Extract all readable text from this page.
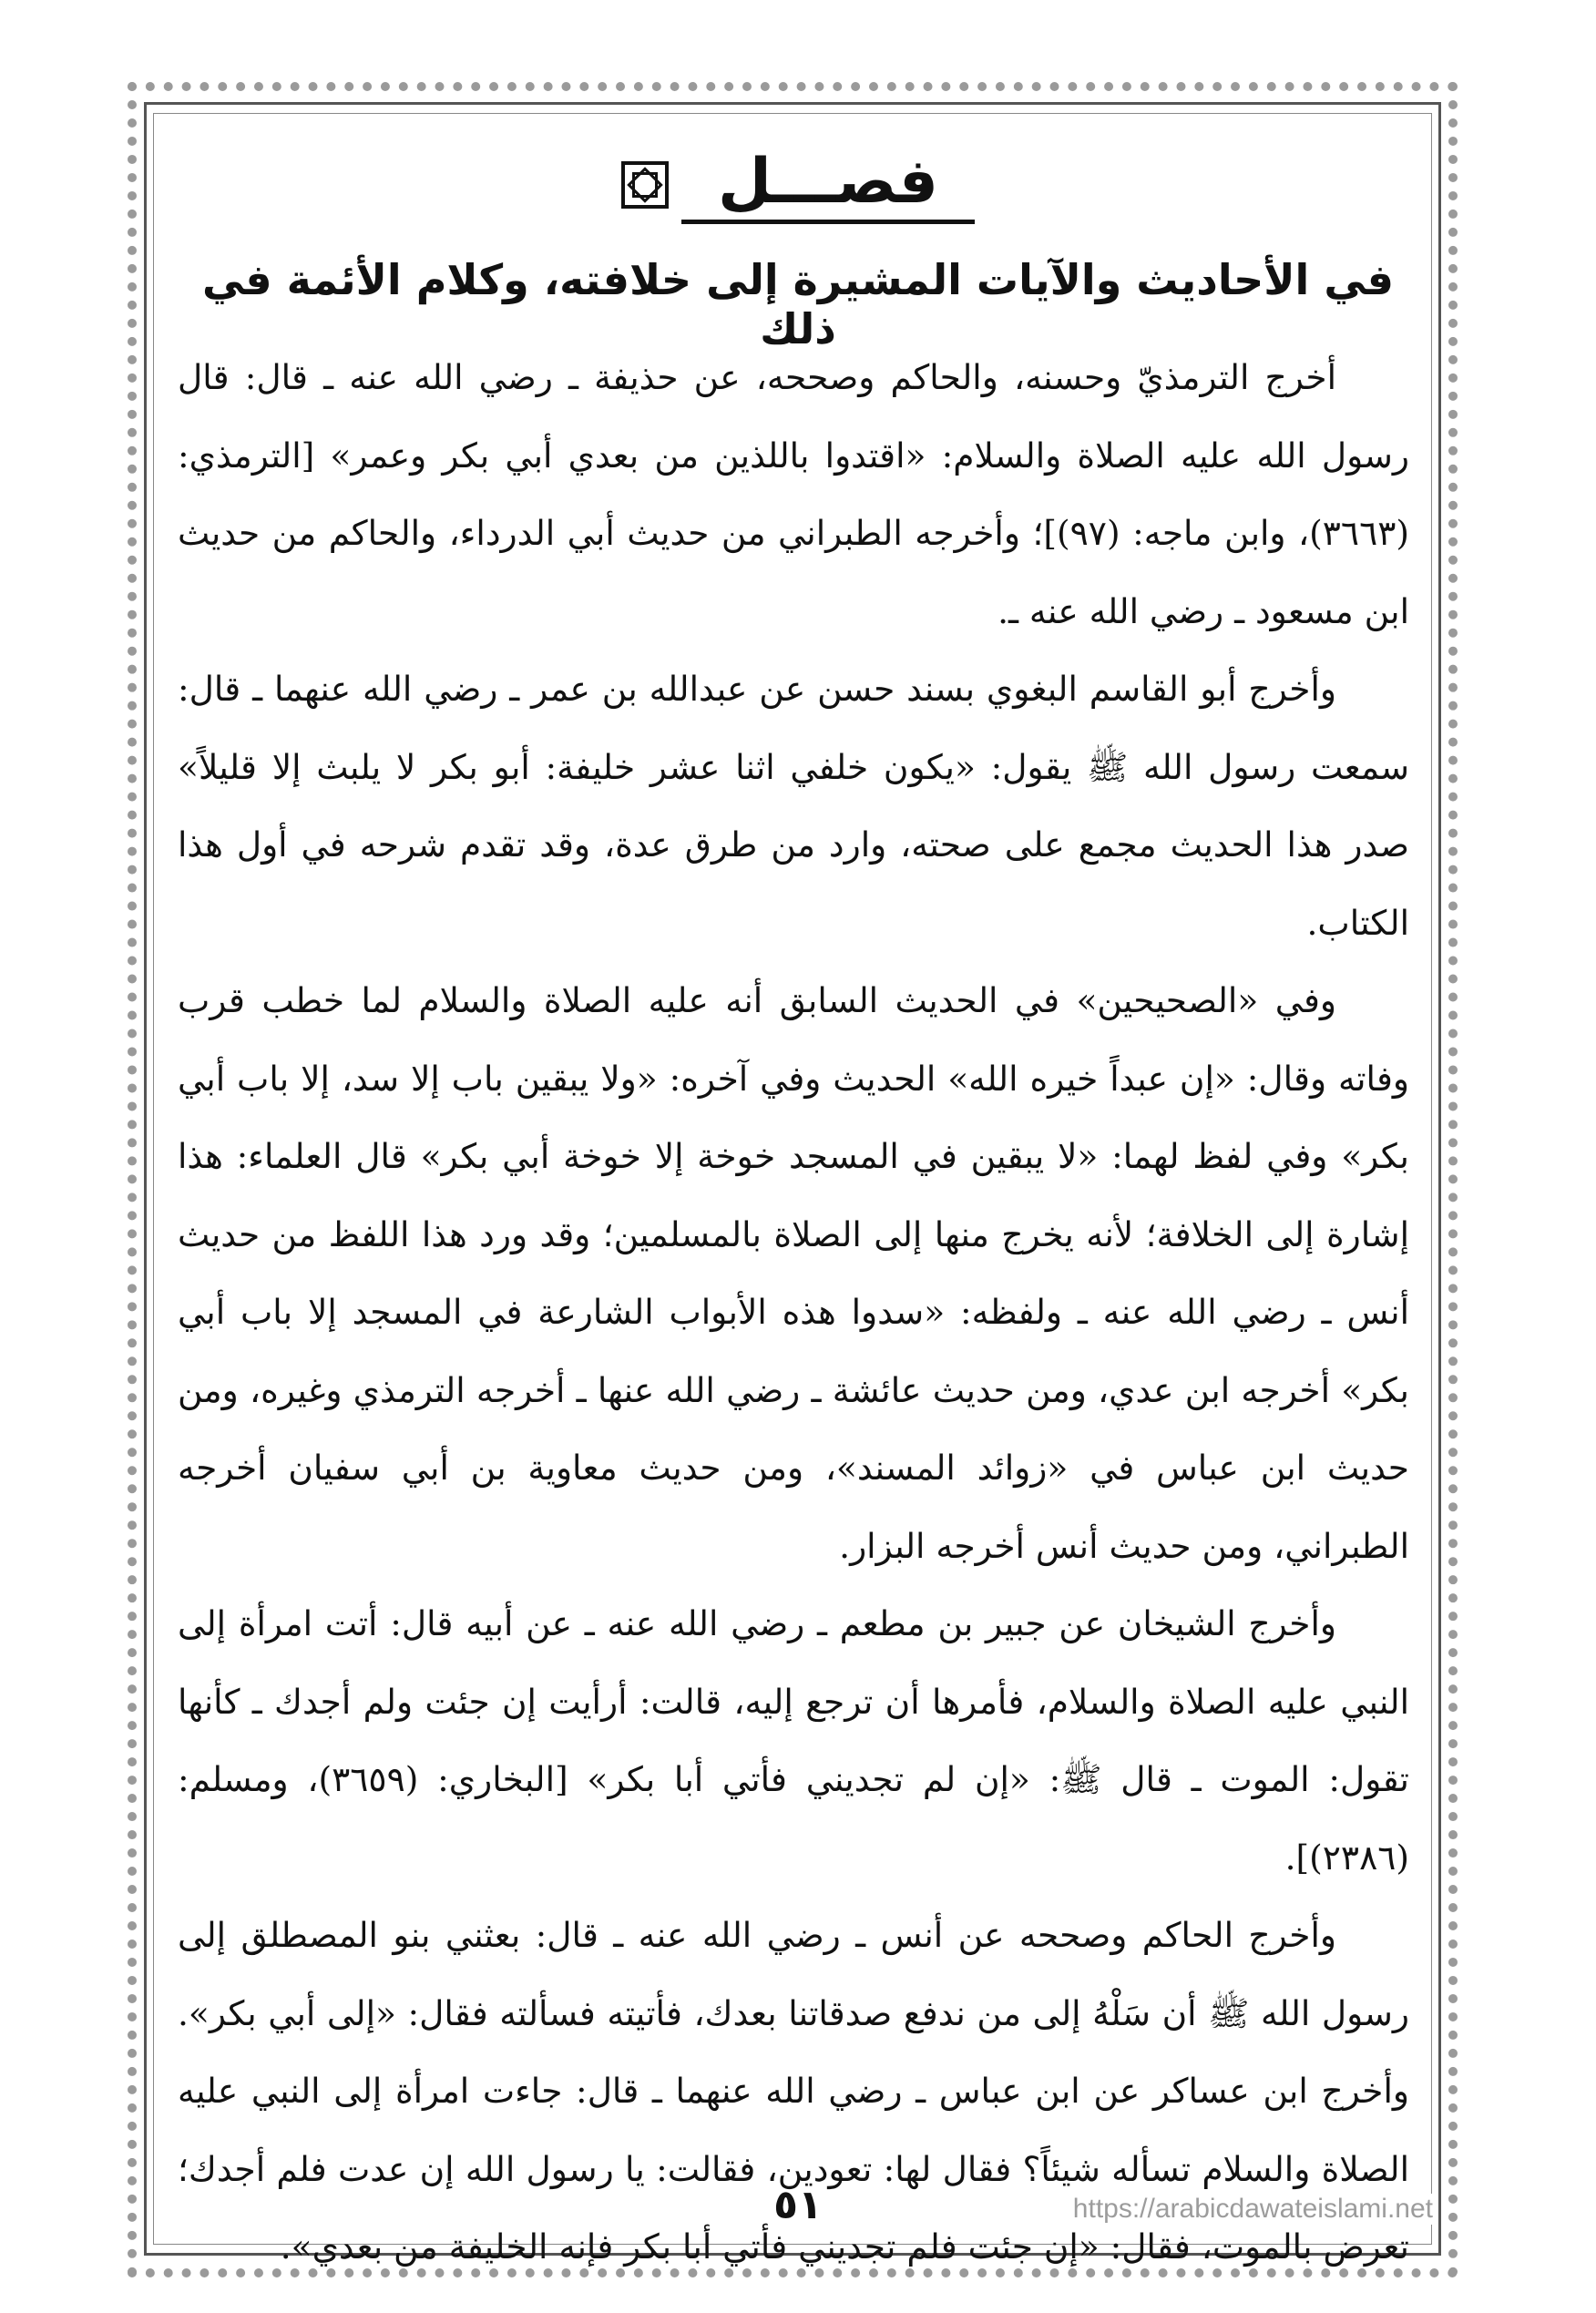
فصـــل
في الأحاديث والآيات المشيرة إلى خلافته، وكلام الأئمة في ذلك

أخرج الترمذيّ وحسنه، والحاكم وصححه، عن حذيفة ـ رضي الله عنه ـ قال: قال رسول الله عليه الصلاة والسلام: «اقتدوا باللذين من بعدي أبي بكر وعمر» [الترمذي: (٣٦٦٣)، وابن ماجه: (٩٧)]؛ وأخرجه الطبراني من حديث أبي الدرداء، والحاكم من حديث ابن مسعود ـ رضي الله عنه ـ.

وأخرج أبو القاسم البغوي بسند حسن عن عبدالله بن عمر ـ رضي الله عنهما ـ قال: سمعت رسول الله ﷺ يقول: «يكون خلفي اثنا عشر خليفة: أبو بكر لا يلبث إلا قليلاً» صدر هذا الحديث مجمع على صحته، وارد من طرق عدة، وقد تقدم شرحه في أول هذا الكتاب.

وفي «الصحيحين» في الحديث السابق أنه عليه الصلاة والسلام لما خطب قرب وفاته وقال: «إن عبداً خيره الله» الحديث وفي آخره: «ولا يبقين باب إلا سد، إلا باب أبي بكر» وفي لفظ لهما: «لا يبقين في المسجد خوخة إلا خوخة أبي بكر» قال العلماء: هذا إشارة إلى الخلافة؛ لأنه يخرج منها إلى الصلاة بالمسلمين؛ وقد ورد هذا اللفظ من حديث أنس ـ رضي الله عنه ـ ولفظه: «سدوا هذه الأبواب الشارعة في المسجد إلا باب أبي بكر» أخرجه ابن عدي، ومن حديث عائشة ـ رضي الله عنها ـ أخرجه الترمذي وغيره، ومن حديث ابن عباس في «زوائد المسند»، ومن حديث معاوية بن أبي سفيان أخرجه الطبراني، ومن حديث أنس أخرجه البزار.

وأخرج الشيخان عن جبير بن مطعم ـ رضي الله عنه ـ عن أبيه قال: أتت امرأة إلى النبي عليه الصلاة والسلام، فأمرها أن ترجع إليه، قالت: أرأيت إن جئت ولم أجدك ـ كأنها تقول: الموت ـ قال ﷺ: «إن لم تجديني فأتي أبا بكر» [البخاري: (٣٦٥٩)، ومسلم: (٢٣٨٦)].

وأخرج الحاكم وصححه عن أنس ـ رضي الله عنه ـ قال: بعثني بنو المصطلق إلى رسول الله ﷺ أن سَلْهُ إلى من ندفع صدقاتنا بعدك، فأتيته فسألته فقال: «إلى أبي بكر». وأخرج ابن عساكر عن ابن عباس ـ رضي الله عنهما ـ قال: جاءت امرأة إلى النبي عليه الصلاة والسلام تسأله شيئاً؟ فقال لها: تعودين، فقالت: يا رسول الله إن عدت فلم أجدك؛ تعرض بالموت، فقال: «إن جئت فلم تجديني فأتي أبا بكر فإنه الخليفة من بعدي».

٥١	https://arabicdawateislami.net
